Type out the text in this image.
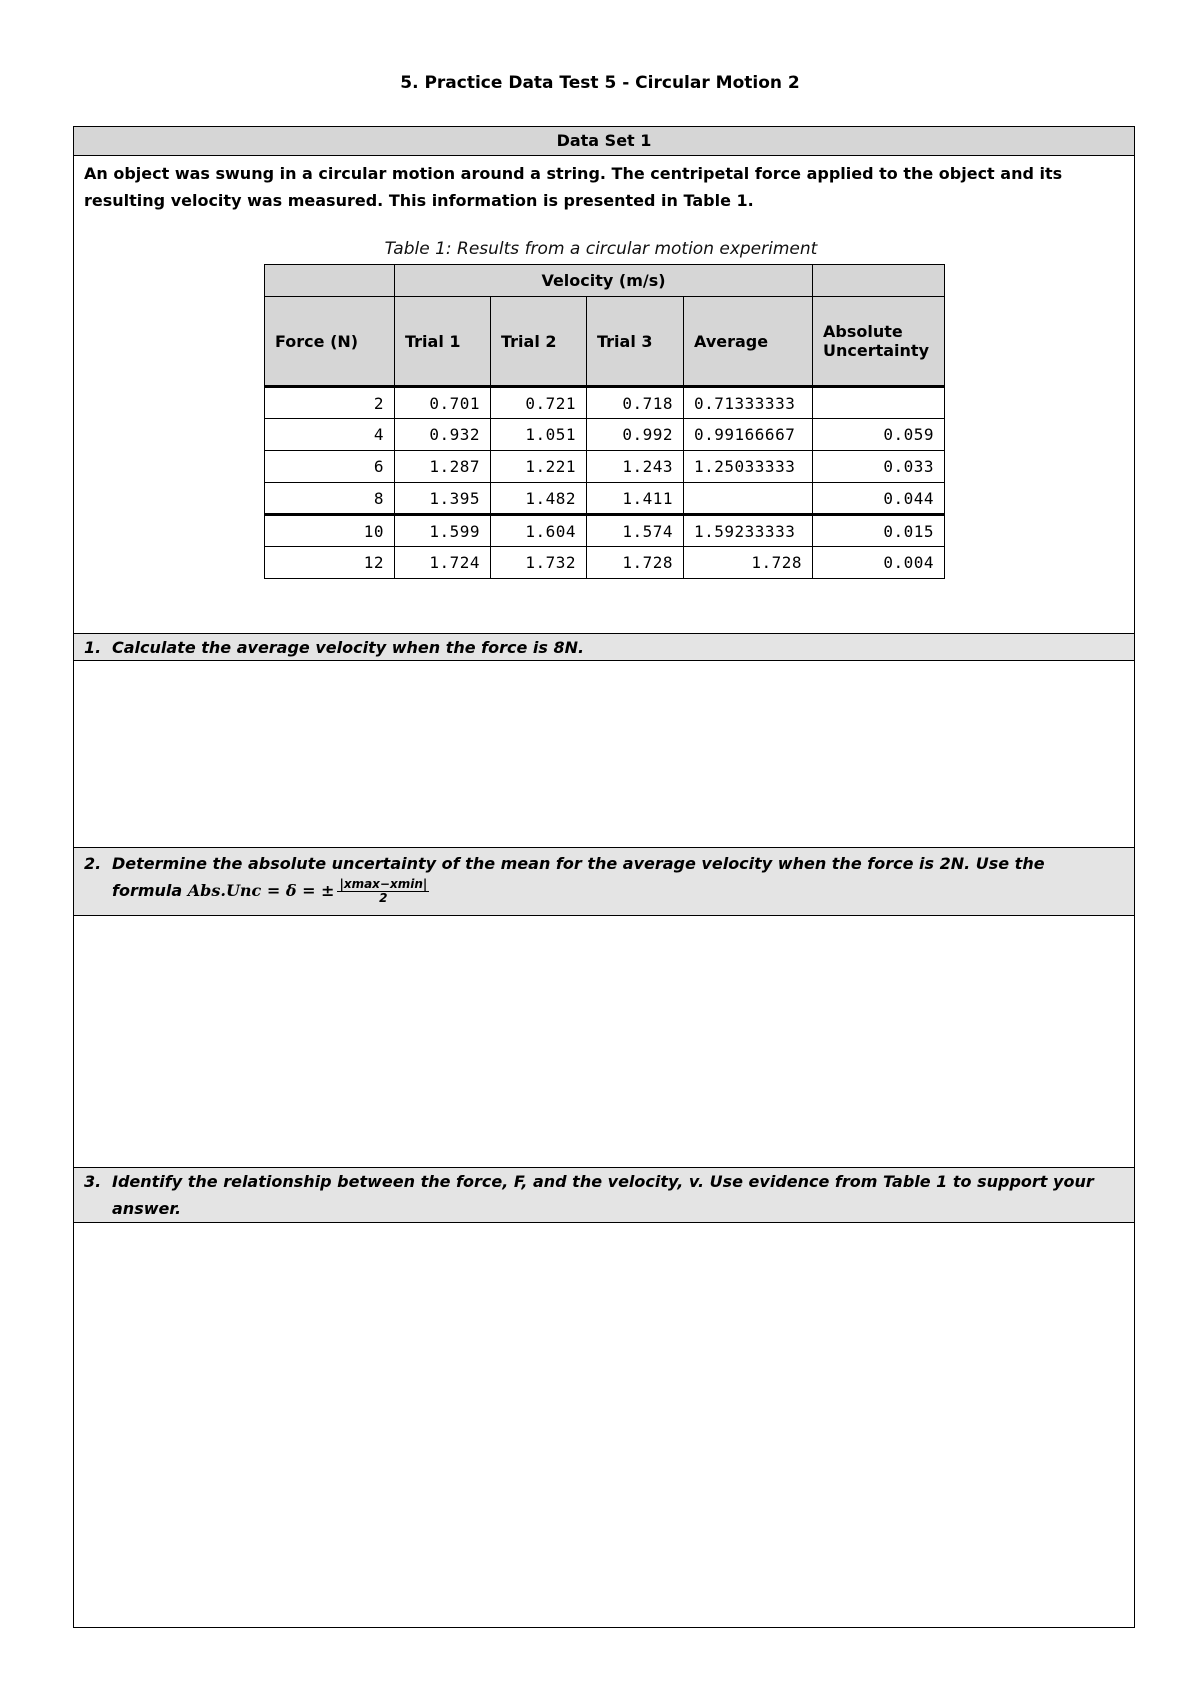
5. Practice Data Test 5 - Circular Motion 2
Data Set 1
An object was swung in a circular motion around a string. The centripetal force applied to the object and its
resulting velocity was measured. This information is presented in Table 1.
Table 1: Results from a circular motion experiment
	Velocity (m/s)				
Force (N)	Trial 1	Trial 2	Trial 3	Average	Absolute
Uncertainty
2	0.701	0.721	0.718	0.71333333	
4	0.932	1.051	0.992	0.99166667	0.059
6	1.287	1.221	1.243	1.25033333	0.033
8	1.395	1.482	1.411		0.044
10	1.599	1.604	1.574	1.59233333	0.015
12	1.724	1.732	1.728	1.728	0.004
1. Calculate the average velocity when the force is 8N.
2. Determine the absolute uncertainty of the mean for the average velocity when the force is 2N. Use the
formula Abs.Unc = δ = ± $\frac{|xmax-xmin|}{2}$
3. Identify the relationship between the force, F, and the velocity, v. Use evidence from Table 1 to support your
answer.
